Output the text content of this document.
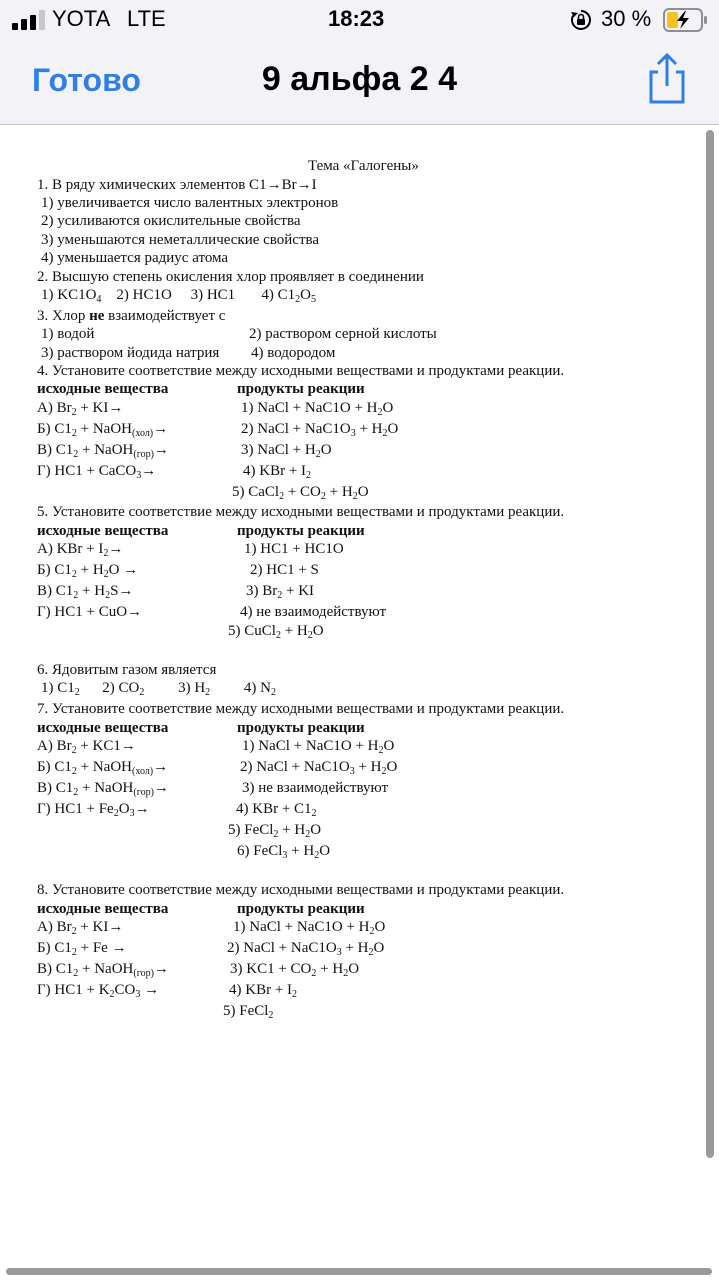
YOTA LTE	18:23	30 %
Готово	9 альфа 2 4
Тема «Галогены»
1. В ряду химических элементов C1→Br→I
1) увеличивается число валентных электронов
2) усиливаются окислительные свойства
3) уменьшаются неметаллические свойства
4) уменьшается радиус атома
2. Высшую степень окисления хлор проявляет в соединении
1) $KC1O_4$    2) HC1O     3) HC1       4) $C1_2O_5$
3. Хлор не взаимодействует с
1) водой	2) раствором серной кислоты
3) раствором йодида натрия 4) водородом
4. Установите соответствие между исходными веществами и продуктами реакции.
исходные вещества	продукты реакции
А) $Br_2 + KI\to$	1) NaCl + $NaC1O + H_2O$
Б) $C1_2$ + NaOH$_{(хол)}$→	2) NaCl + $NaC1O_3 + H_2O$
В) $C1_2$ + NaOH$_{(гор)}$→	3) NaCl + $H_2O$
Г) HC1 + CaCO$_3$→	4) KBr + $I_2$
5) CaCl$_2$ + $CO_2 + H_2O$
5. Установите соответствие между исходными веществами и продуктами реакции.
исходные вещества	продукты реакции
А) KBr + $I_2\to$	1) HC1 + HC1O
Б) $C1_2 + H_2O$ →	2) HC1 + S
В) $C1_2 + H_2S\to$	3) $Br_2$ + KI
Г) HC1 + CuO→	4) не взаимодействуют
5) CuCl$_2$ + $H_2O$
6. Ядовитым газом является
1) $C1_2$      2) $CO_2$         3) $H_2$         4) $N_2$
7. Установите соответствие между исходными веществами и продуктами реакции.
исходные вещества	продукты реакции
А) $Br_2 + KC1\to$	1) NaCl + $NaC1O + H_2O$
Б) $C1_2$ + NaOH$_{(хол)}$→	2) NaCl + $NaC1O_3 + H_2O$
В) $C1_2$ + NaOH$_{(гор)}$→	3) не взаимодействуют
Г) $HC1 + Fe_2O_3\to$	4) KBr + $C1_2$
5) FeCl$_2$ + $H_2O$
6) FeCl$_3$ + $H_2O$
8. Установите соответствие между исходными веществами и продуктами реакции.
исходные вещества	продукты реакции
А) $Br_2 + KI\to$	1) NaCl + $NaC1O + H_2O$
Б) $C1_2 + Fe$ →	2) NaCl + $NaC1O_3 + H_2O$
В) $C1_2$ + NaOH$_{(гор)}$→	3) $KC1 + CO_2 + H_2O$
Г) $HC1 + K_2CO_3$ →	4) KBr + $I_2$
5) FeCl$_2$
